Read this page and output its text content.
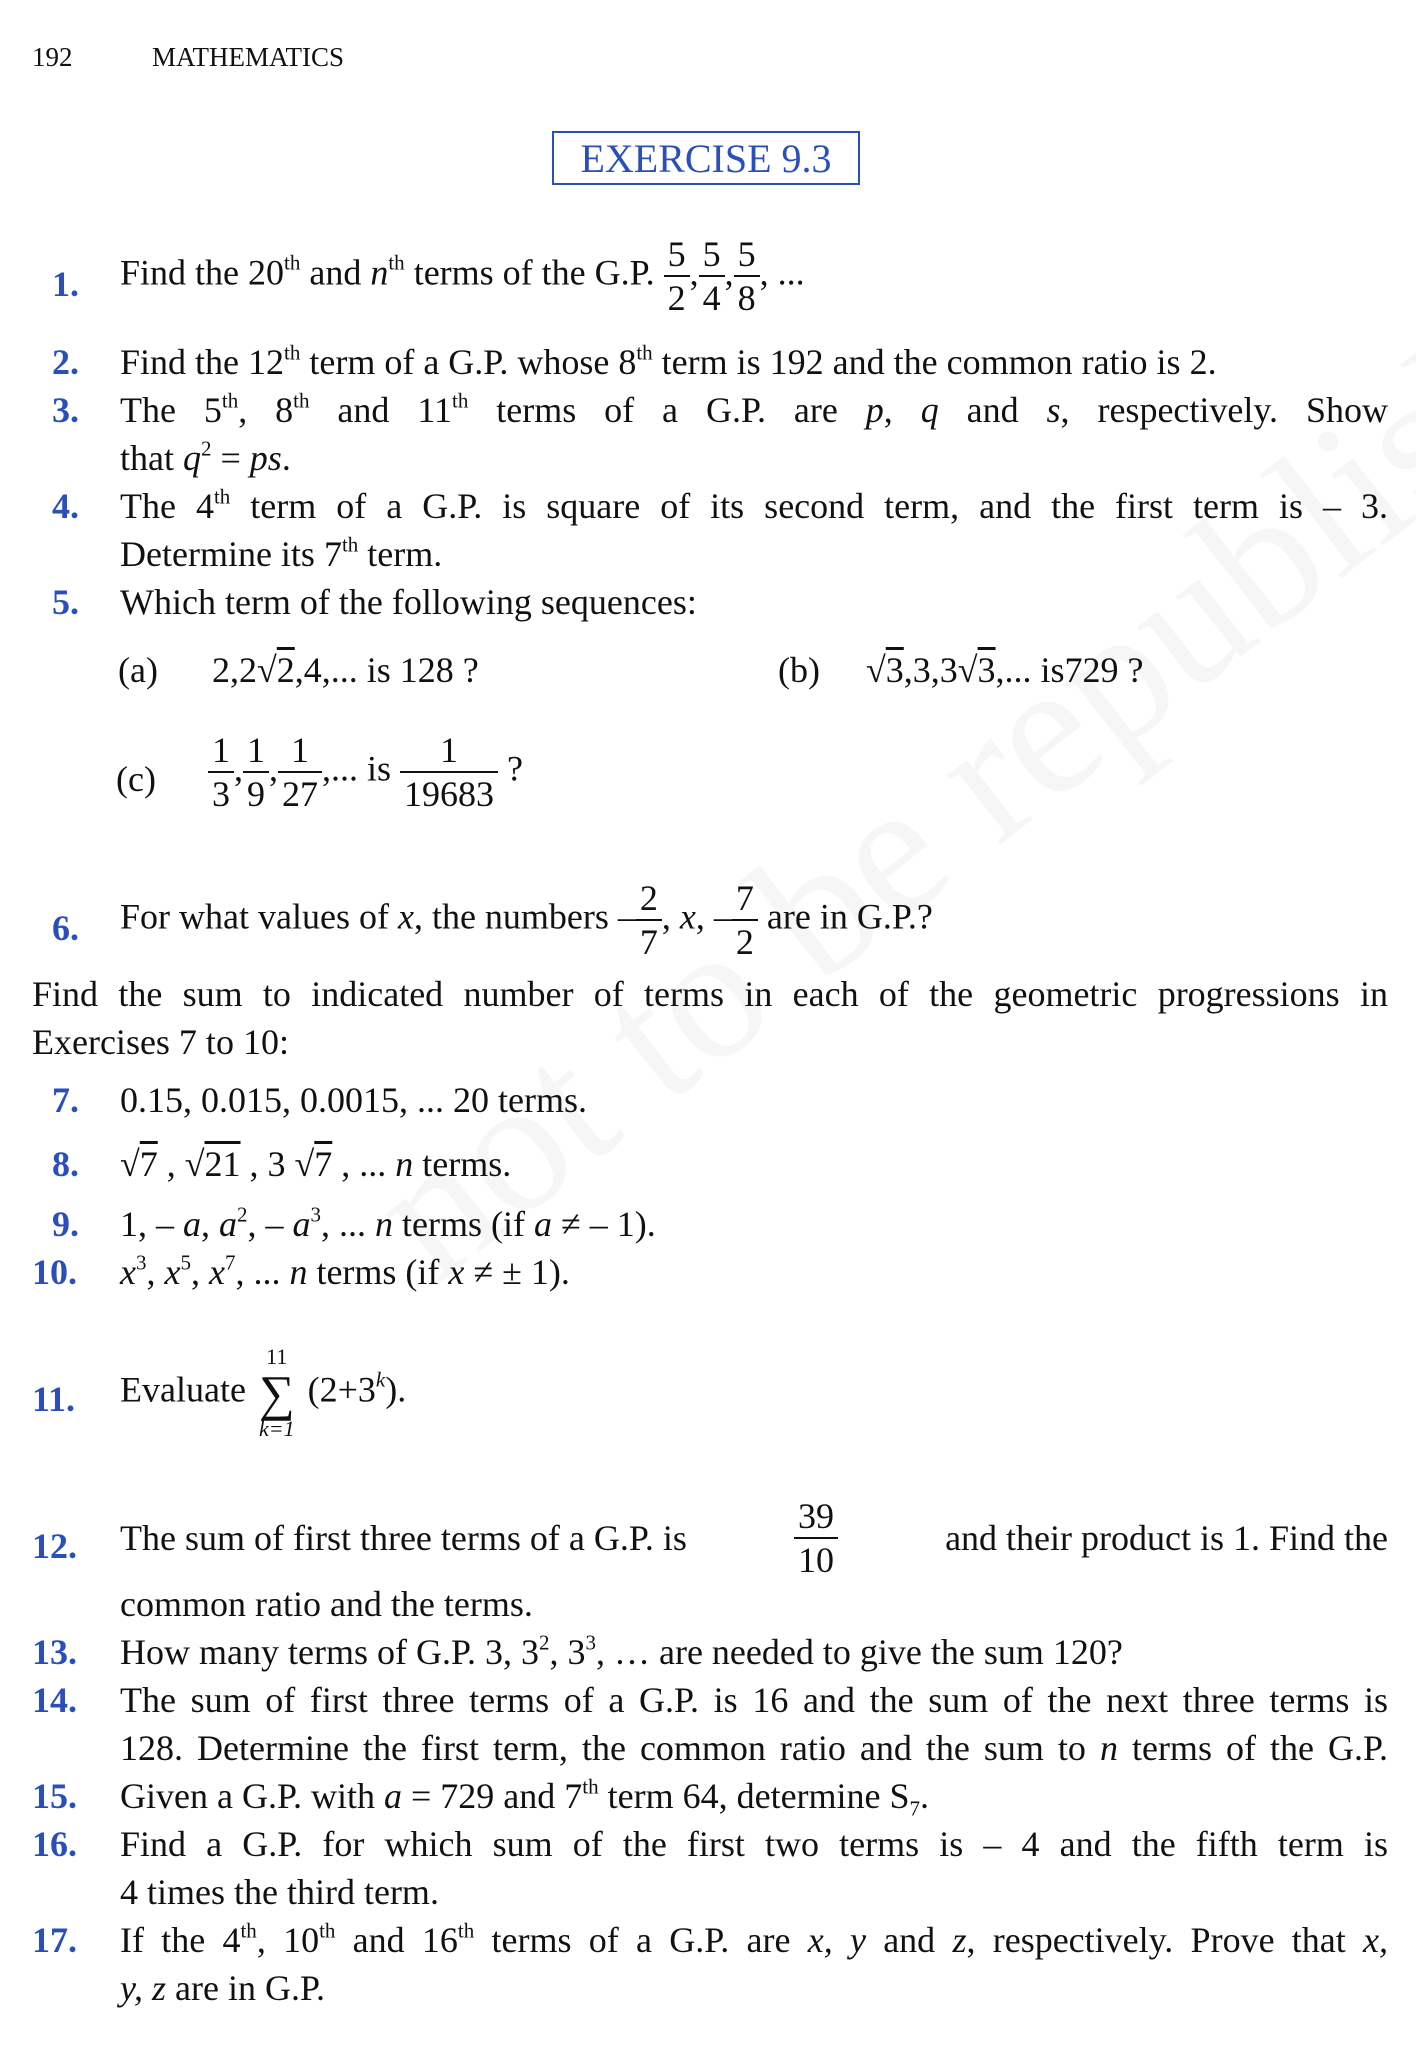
192	MATHEMATICS
EXERCISE 9.3
1. Find the 20th and $n^{th}$ terms of the G.P. $\frac{5}{2}$ , $\frac{5}{4}$ , $\frac{5}{8}$ , ...
2. Find the 12th term of a G.P. whose 8th term is 192 and the common ratio is 2.
3. The 5th, 8th and 11th terms of a G.P. are p, q and s, respectively. Show
that $q^2$ = ps.
4. The 4th term of a G.P. is square of its second term, and the first term is – 3.
Determine its 7th term.
5. Which term of the following sequences:
(a) 2,2√2,4,... is 128 ?	(b) √3,3,3√3,... is729 ?
$(c) \frac{1}{3}$ , $\frac{1}{9}$ , $\frac{1}{27}$ ,... is $\frac{1}{19683}$ ?
6. For what values of x, the numbers – $\frac{2}{7}$ , x, – $\frac{7}{2}$ are in G.P.?
Find the sum to indicated number of terms in each of the geometric progressions in
Exercises 7 to 10:
7. 0.15, 0.015, 0.0015, ... 20 terms.
8. √7 , √21 , 3 √7 , ... n terms.
9. 1, – a, $a^2$, – $a^3$, ... n terms (if a ≠ – 1).
10. $x^3$, $x^5$, $x^7$, ... n terms (if x ≠ ± 1).
11. Evaluate
11
∑
k=1
$(2+3^k)$.
12. The sum of first three terms of a G.P. is	$\frac{39}{10}$	and their product is 1. Find the
common ratio and the terms.
13. How many terms of G.P. 3, $3^2$, $3^3$, … are needed to give the sum 120?
14. The sum of first three terms of a G.P. is 16 and the sum of the next three terms is
128. Determine the first term, the common ratio and the sum to n terms of the G.P.
15. Given a G.P. with a = 729 and 7th term 64, determine $S_7$.
16. Find a G.P. for which sum of the first two terms is – 4 and the fifth term is
4 times the third term.
17. If the 4th, 10th and 16th terms of a G.P. are x, y and z, respectively. Prove that x,
y, z are in G.P.
